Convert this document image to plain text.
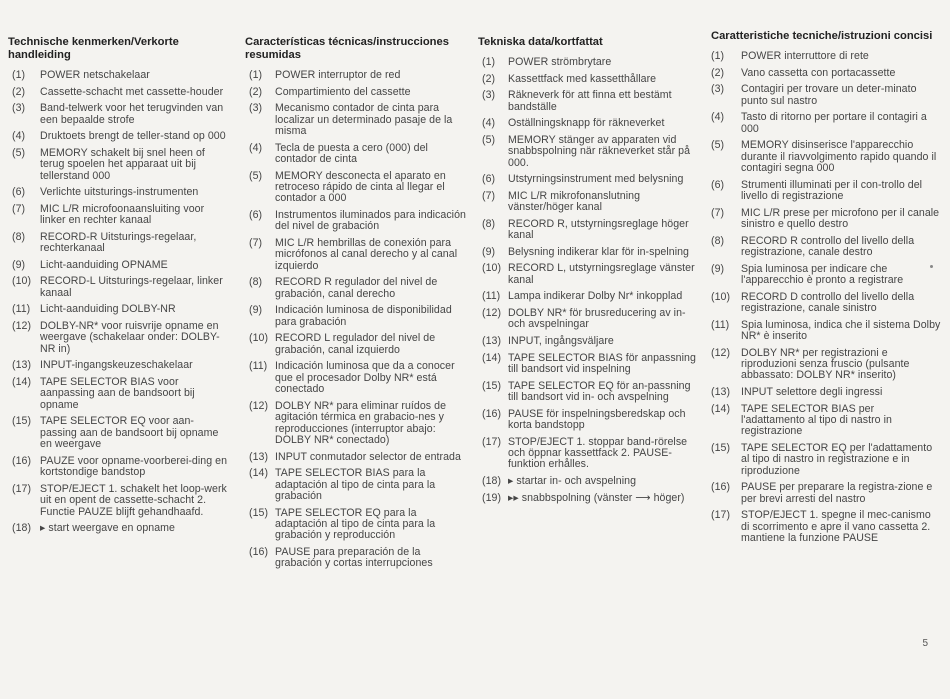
Technische kenmerken/Verkorte handleiding
(1) POWER netschakelaar
(2) Cassette-schacht met cassette-houder
(3) Band-telwerk voor het terugvinden van een bepaalde strofe
(4) Druktoets brengt de teller-stand op 000
(5) MEMORY schakelt bij snel heen of terug spoelen het apparaat uit bij tellerstand 000
(6) Verlichte uitsturings-instrumenten
(7) MIC L/R microfoonaansluiting voor linker en rechter kanaal
(8) RECORD-R Uitsturings-regelaar, rechterkanaal
(9) Licht-aanduiding OPNAME
(10) RECORD-L Uitsturings-regelaar, linker kanaal
(11) Licht-aanduiding DOLBY-NR
(12) DOLBY-NR* voor ruisvrije opname en weergave (schakelaar onder: DOLBY-NR in)
(13) INPUT-ingangskeuzeschakelaar
(14) TAPE SELECTOR BIAS voor aanpassing aan de bandsoort bij opname
(15) TAPE SELECTOR EQ voor aan-passing aan de bandsoort bij opname en weergave
(16) PAUZE voor opname-voorberei-ding en kortstondige bandstop
(17) STOP/EJECT 1. schakelt het loop-werk uit en opent de cassette-schacht 2. Functie PAUZE blijft gehandhaafd.
(18) ▸ start weergave en opname
Características técnicas/instrucciones resumidas
(1) POWER interruptor de red
(2) Compartimiento del cassette
(3) Mecanismo contador de cinta para localizar un determinado pasaje de la misma
(4) Tecla de puesta a cero (000) del contador de cinta
(5) MEMORY desconecta el aparato en retroceso rápido de cinta al llegar el contador a 000
(6) Instrumentos iluminados para indicación del nivel de grabación
(7) MIC L/R hembrillas de conexión para micrófonos al canal derecho y al canal izquierdo
(8) RECORD R regulador del nivel de grabación, canal derecho
(9) Indicación luminosa de disponibilidad para grabación
(10) RECORD L regulador del nivel de grabación, canal izquierdo
(11) Indicación luminosa que da a conocer que el procesador Dolby NR* está conectado
(12) DOLBY NR* para eliminar ruídos de agitación térmica en grabacio-nes y reproducciones (interruptor abajo: DOLBY NR* conectado)
(13) INPUT conmutador selector de entrada
(14) TAPE SELECTOR BIAS para la adaptación al tipo de cinta para la grabación
(15) TAPE SELECTOR EQ para la adaptación al tipo de cinta para la grabación y reproducción
(16) PAUSE para preparación de la grabación y cortas interrupciones
Tekniska data/kortfattat
(1) POWER strömbrytare
(2) Kassettfack med kassetthållare
(3) Räkneverk för att finna ett bestämt bandställe
(4) Oställningsknapp för räkneverket
(5) MEMORY stänger av apparaten vid snabbspolning när räkneverket står på 000.
(6) Utstyrningsinstrument med belysning
(7) MIC L/R mikrofonanslutning vänster/höger kanal
(8) RECORD R, utstyrningsreglage höger kanal
(9) Belysning indikerar klar för in-spelning
(10) RECORD L, utstyrningsreglage vänster kanal
(11) Lampa indikerar Dolby Nr* inkopplad
(12) DOLBY NR* för brusreducering av in- och avspelningar
(13) INPUT, ingångsväljare
(14) TAPE SELECTOR BIAS för anpassning till bandsort vid inspelning
(15) TAPE SELECTOR EQ för an-passning till bandsort vid in- och avspelning
(16) PAUSE för inspelningsberedskap och korta bandstopp
(17) STOP/EJECT 1. stoppar band-rörelse och öppnar kassettfack 2. PAUSE-funktion erhålles.
(18) ▸ startar in- och avspelning
(19) ▸▸ snabbspolning (vänster ⟶ höger)
Caratteristiche tecniche/istruzioni concisi
(1) POWER interruttore di rete
(2) Vano cassetta con portacassette
(3) Contagiri per trovare un deter-minato punto sul nastro
(4) Tasto di ritorno per portare il contagiri a 000
(5) MEMORY disinserisce l'apparecchio durante il riavvolgimento rapido quando il contagiri segna 000
(6) Strumenti illuminati per il con-trollo del livello di registrazione
(7) MIC L/R prese per microfono per il canale sinistro e quello destro
(8) RECORD R controllo del livello della registrazione, canale destro
(9) Spia luminosa per indicare che l'apparecchio è pronto a registrare
(10) RECORD D controllo del livello della registrazione, canale sinistro
(11) Spia luminosa, indica che il sistema Dolby NR* è inserito
(12) DOLBY NR* per registrazioni e riproduzioni senza fruscio (pulsante abbassato: DOLBY NR* inserito)
(13) INPUT selettore degli ingressi
(14) TAPE SELECTOR BIAS per l'adattamento al tipo di nastro in registrazione
(15) TAPE SELECTOR EQ per l'adattamento al tipo di nastro in registrazione e in riproduzione
(16) PAUSE per preparare la registra-zione e per brevi arresti del nastro
(17) STOP/EJECT 1. spegne il mec-canismo di scorrimento e apre il vano cassetta 2. mantiene la funzione PAUSE
5
